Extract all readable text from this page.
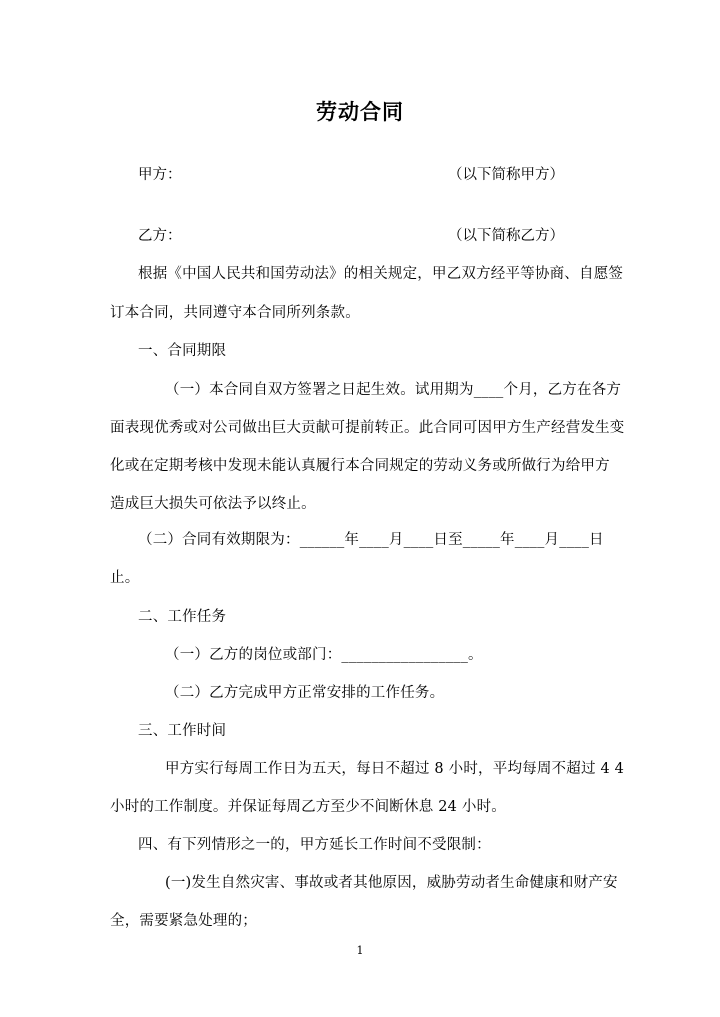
劳动合同
甲方：	（以下简称甲方）
乙方：	（以下简称乙方）
根据《中国人民共和国劳动法》的相关规定，甲乙双方经平等协商、自愿签
订本合同，共同遵守本合同所列条款。
一、合同期限
（一）本合同自双方签署之日起生效。试用期为____个月，乙方在各方
面表现优秀或对公司做出巨大贡献可提前转正。此合同可因甲方生产经营发生变
化或在定期考核中发现未能认真履行本合同规定的劳动义务或所做行为给甲方
造成巨大损失可依法予以终止。
（二）合同有效期限为：______年____月____日至_____年____月____日
止。
二、工作任务
（一）乙方的岗位或部门：_________________。
（二）乙方完成甲方正常安排的工作任务。
三、工作时间
甲方实行每周工作日为五天，每日不超过 8 小时，平均每周不超过 4 4
小时的工作制度。并保证每周乙方至少不间断休息 24 小时。
四、有下列情形之一的，甲方延长工作时间不受限制：
(一)发生自然灾害、事故或者其他原因，威胁劳动者生命健康和财产安
全，需要紧急处理的；
1
